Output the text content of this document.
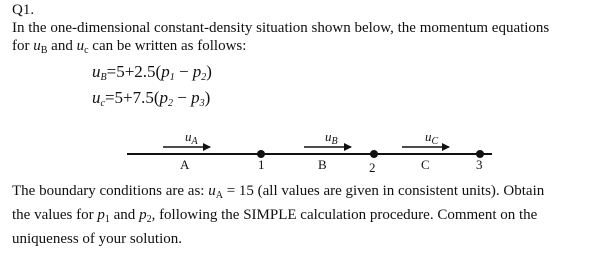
Q1.
In the one-dimensional constant-density situation shown below, the momentum equations
for $u_B$ and $u_c$ can be written as follows:
$u_B=5+2.5(p_1 - p_2)$
$u_c=5+7.5(p_2 - p_3)$
$u_A$	$u_B$	$u_C$
A	B	C
1	2	3
The boundary conditions are as: $u_A = 15$ (all values are given in consistent units). Obtain
the values for $p_1$ and $p_2$, following the SIMPLE calculation procedure. Comment on the
uniqueness of your solution.
